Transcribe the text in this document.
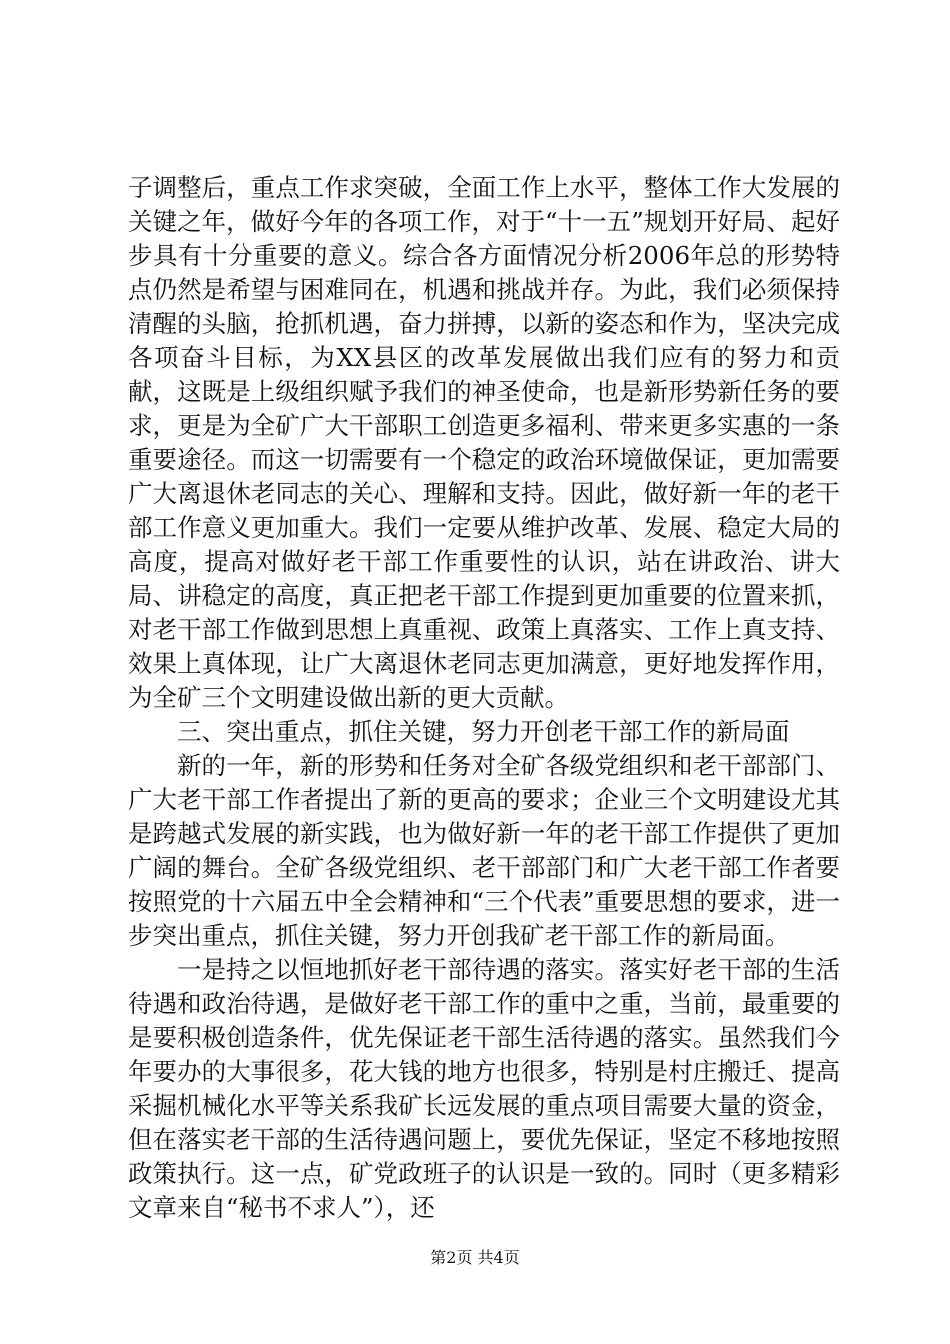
子调整后，重点工作求突破，全面工作上水平，整体工作大发展的关键之年，做好今年的各项工作，对于“十一五”规划开好局、起好步具有十分重要的意义。综合各方面情况分析2006年总的形势特点仍然是希望与困难同在，机遇和挑战并存。为此，我们必须保持清醒的头脑，抢抓机遇，奋力拼搏，以新的姿态和作为，坚决完成各项奋斗目标，为XX县区的改革发展做出我们应有的努力和贡献，这既是上级组织赋予我们的神圣使命，也是新形势新任务的要求，更是为全矿广大干部职工创造更多福利、带来更多实惠的一条重要途径。而这一切需要有一个稳定的政治环境做保证，更加需要广大离退休老同志的关心、理解和支持。因此，做好新一年的老干部工作意义更加重大。我们一定要从维护改革、发展、稳定大局的高度，提高对做好老干部工作重要性的认识，站在讲政治、讲大局、讲稳定的高度，真正把老干部工作提到更加重要的位置来抓，对老干部工作做到思想上真重视、政策上真落实、工作上真支持、效果上真体现，让广大离退休老同志更加满意，更好地发挥作用，为全矿三个文明建设做出新的更大贡献。

三、突出重点，抓住关键，努力开创老干部工作的新局面

新的一年，新的形势和任务对全矿各级党组织和老干部部门、广大老干部工作者提出了新的更高的要求；企业三个文明建设尤其是跨越式发展的新实践，也为做好新一年的老干部工作提供了更加广阔的舞台。全矿各级党组织、老干部部门和广大老干部工作者要按照党的十六届五中全会精神和“三个代表”重要思想的要求，进一步突出重点，抓住关键，努力开创我矿老干部工作的新局面。

一是持之以恒地抓好老干部待遇的落实。落实好老干部的生活待遇和政治待遇，是做好老干部工作的重中之重，当前，最重要的是要积极创造条件，优先保证老干部生活待遇的落实。虽然我们今年要办的大事很多，花大钱的地方也很多，特别是村庄搬迁、提高采掘机械化水平等关系我矿长远发展的重点项目需要大量的资金，但在落实老干部的生活待遇问题上，要优先保证，坚定不移地按照政策执行。这一点，矿党政班子的认识是一致的。同时（更多精彩文章来自“秘书不求人”），还

第2页 共4页
